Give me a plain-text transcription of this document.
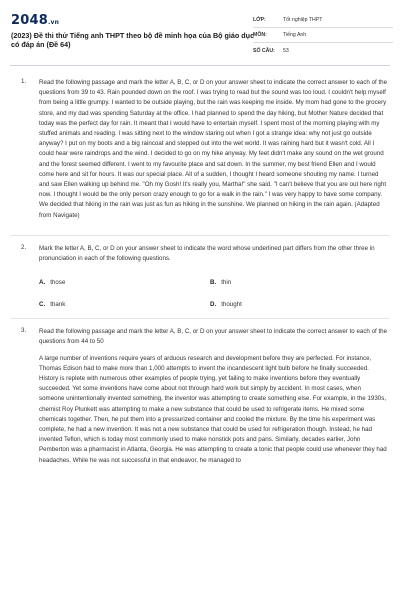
2048.vn
(2023) Đề thi thử Tiếng anh THPT theo bộ đề minh họa của Bộ giáo dục có đáp án (Đề 64)
LỚP:	Tốt nghiệp THPT
MÔN:	Tiếng Anh
SỐ CÂU:	53
1. Read the following passage and mark the letter A, B, C, or D on your answer sheet to indicate the correct answer to each of the questions from 39 to 43. Rain pounded down on the roof. I was trying to read but the sound was too loud. I couldn't help myself from being a little grumpy. I wanted to be outside playing, but the rain was keeping me inside. My mom had gone to the grocery store, and my dad was spending Saturday at the office. I had planned to spend the day hiking, but Mother Nature decided that today was the perfect day for rain. It meant that I would have to entertain myself. I spent most of the morning playing with my stuffed animals and reading. I was sitting next to the window staring out when I got a strange idea: why not just go outside anyway? I put on my boots and a big raincoat and stepped out into the wet world. It was raining hard but it wasn't cold. All I could hear were raindrops and the wind. I decided to go on my hike anyway. My feet didn't make any sound on the wet ground and the forest seemed different. I went to my favourite place and sat down. In the summer, my best friend Ellen and I would come here and sit for hours. It was our special place. All of a sudden, I thought I heard someone shouting my name. I turned and saw Ellen walking up behind me. "Oh my Gosh! It's really you, Martha!" she said. "I can't believe that you are out here right now. I thought I would be the only person crazy enough to go for a walk in the rain." I was very happy to have some company. We decided that hiking in the rain was just as fun as hiking in the sunshine. We planned on hiking in the rain again. (Adapted from Navigate)

2. Mark the letter A, B, C, or D on your answer sheet to indicate the word whose underlined part differs from the other three in pronunciation in each of the following questions.

A. those	B. thin
C. thank	D. thought
3. Read the following passage and mark the letter A, B, C, or D on your answer sheet to indicate the correct answer to each of the questions from 44 to 50

A large number of inventions require years of arduous research and development before they are perfected. For instance, Thomas Edison had to make more than 1,000 attempts to invent the incandescent light bulb before he finally succeeded. History is replete with numerous other examples of people trying, yet failing to make inventions before they eventually succeeded. Yet some inventions have come about not through hard work but simply by accident. In most cases, when someone unintentionally invented something, the inventor was attempting to create something else. For example, in the 1930s, chemist Roy Plunkett was attempting to make a new substance that could be used to refrigerate items. He mixed some chemicals together. Then, he put them into a pressurized container and cooled the mixture. By the time his experiment was complete, he had a new invention. It was not a new substance that could be used for refrigeration though. Instead, he had invented Teflon, which is today most commonly used to make nonstick pots and pans. Similarly, decades earlier, John Pemberton was a pharmacist in Atlanta, Georgia. He was attempting to create a tonic that people could use whenever they had headaches. While he was not successful in that endeavor, he managed to
